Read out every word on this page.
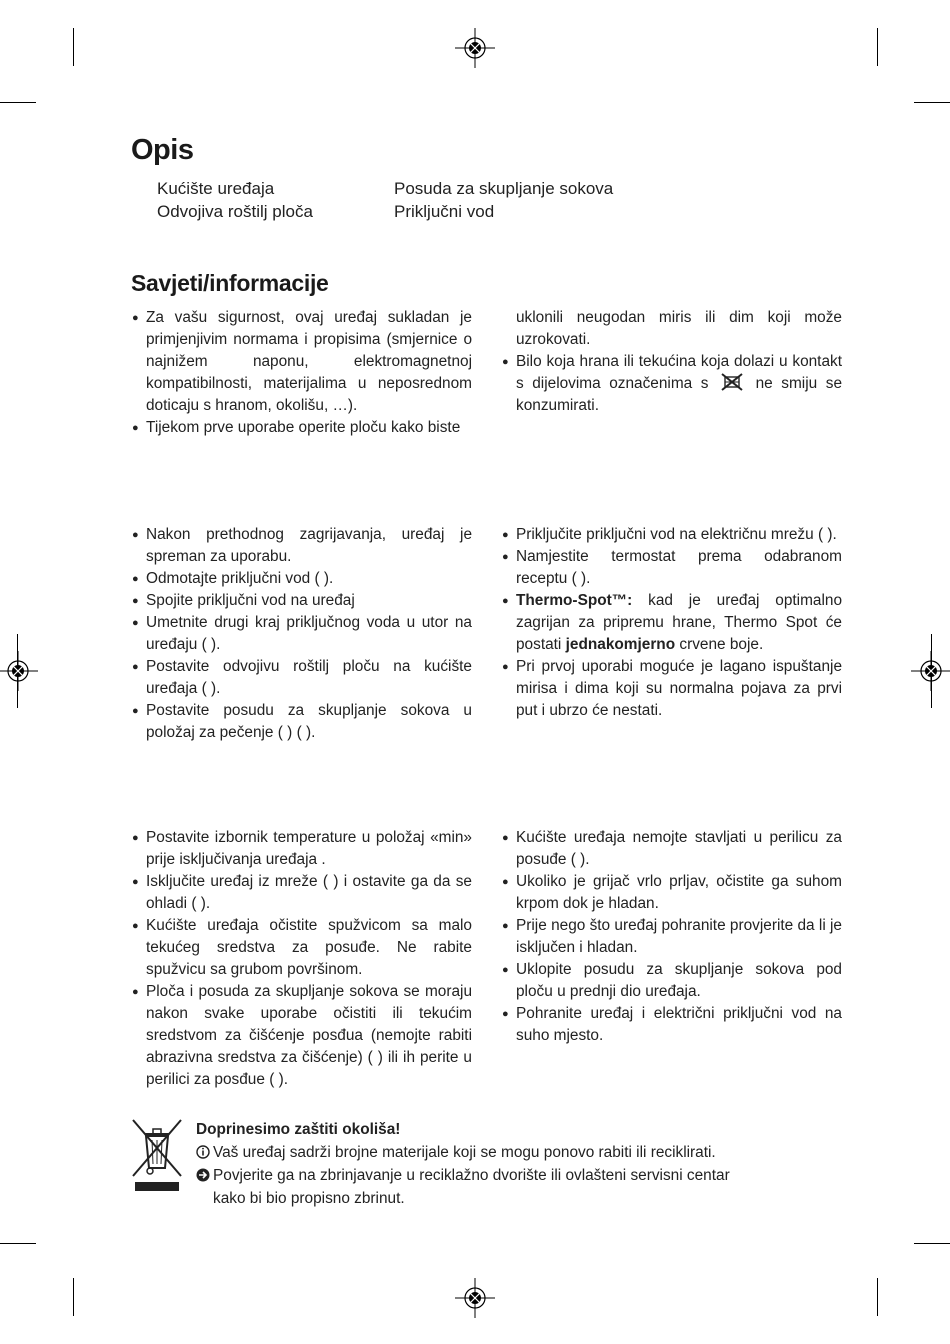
Opis
Kućište uređaja
Odvojiva roštilj ploča
Posuda za skupljanje sokova
Priključni vod
Savjeti/informacije
● Za vašu sigurnost, ovaj uređaj sukladan je primjenjivim normama i propisima (smjernice o najnižem naponu, elektromagnetnoj kompatibilnosti, materijalima u neposrednom doticaju s hranom, okolišu, …).
● Tijekom prve uporabe operite ploču kako biste
uklonili neugodan miris ili dim koji može uzrokovati.
● Bilo koja hrana ili tekućina koja dolazi u kontakt s dijelovima označenima s	ne smiju se konzumirati.
● Nakon prethodnog zagrijavanja, uređaj je spreman za uporabu.
● Odmotajte priključni vod ( ).
● Spojite priključni vod na uređaj
● Umetnite drugi kraj priključnog voda u utor na uređaju ( ).
● Postavite odvojivu roštilj ploču na kućište uređaja ( ).
● Postavite posudu za skupljanje sokova u položaj za pečenje ( ) ( ).
● Priključite priključni vod na električnu mrežu ( ).
● Namjestite termostat prema odabranom receptu ( ).
● Thermo-Spot™: kad je uređaj optimalno zagrijan za pripremu hrane, Thermo Spot će postati jednakomjerno crvene boje.
● Pri prvoj uporabi moguće je lagano ispuštanje mirisa i dima koji su normalna pojava za prvi put i ubrzo će nestati.
● Postavite izbornik temperature u položaj «min» prije isključivanja uređaja .
● Isključite uređaj iz mreže ( ) i ostavite ga da se ohladi ( ).
● Kućište uređaja očistite spužvicom sa malo tekućeg sredstva za posuđe. Ne rabite spužvicu sa grubom površinom.
● Ploča i posuda za skupljanje sokova se moraju nakon svake uporabe očistiti ili tekućim sredstvom za čišćenje posđua (nemojte rabiti abrazivna sredstva za čišćenje) ( ) ili ih perite u perilici za posđue ( ).
● Kućište uređaja nemojte stavljati u perilicu za posuđe ( ).
● Ukoliko je grijač vrlo prljav, očistite ga suhom krpom dok je hladan.
● Prije nego što uređaj pohranite provjerite da li je isključen i hladan.
● Uklopite posudu za skupljanje sokova pod ploču u prednji dio uređaja.
● Pohranite uređaj i električni priključni vod na suho mjesto.
Doprinesimo zaštiti okoliša!
Vaš uređaj sadrži brojne materijale koji se mogu ponovo rabiti ili reciklirati.
Povjerite ga na zbrinjavanje u reciklažno dvorište ili ovlašteni servisni centar kako bi bio propisno zbrinut.
